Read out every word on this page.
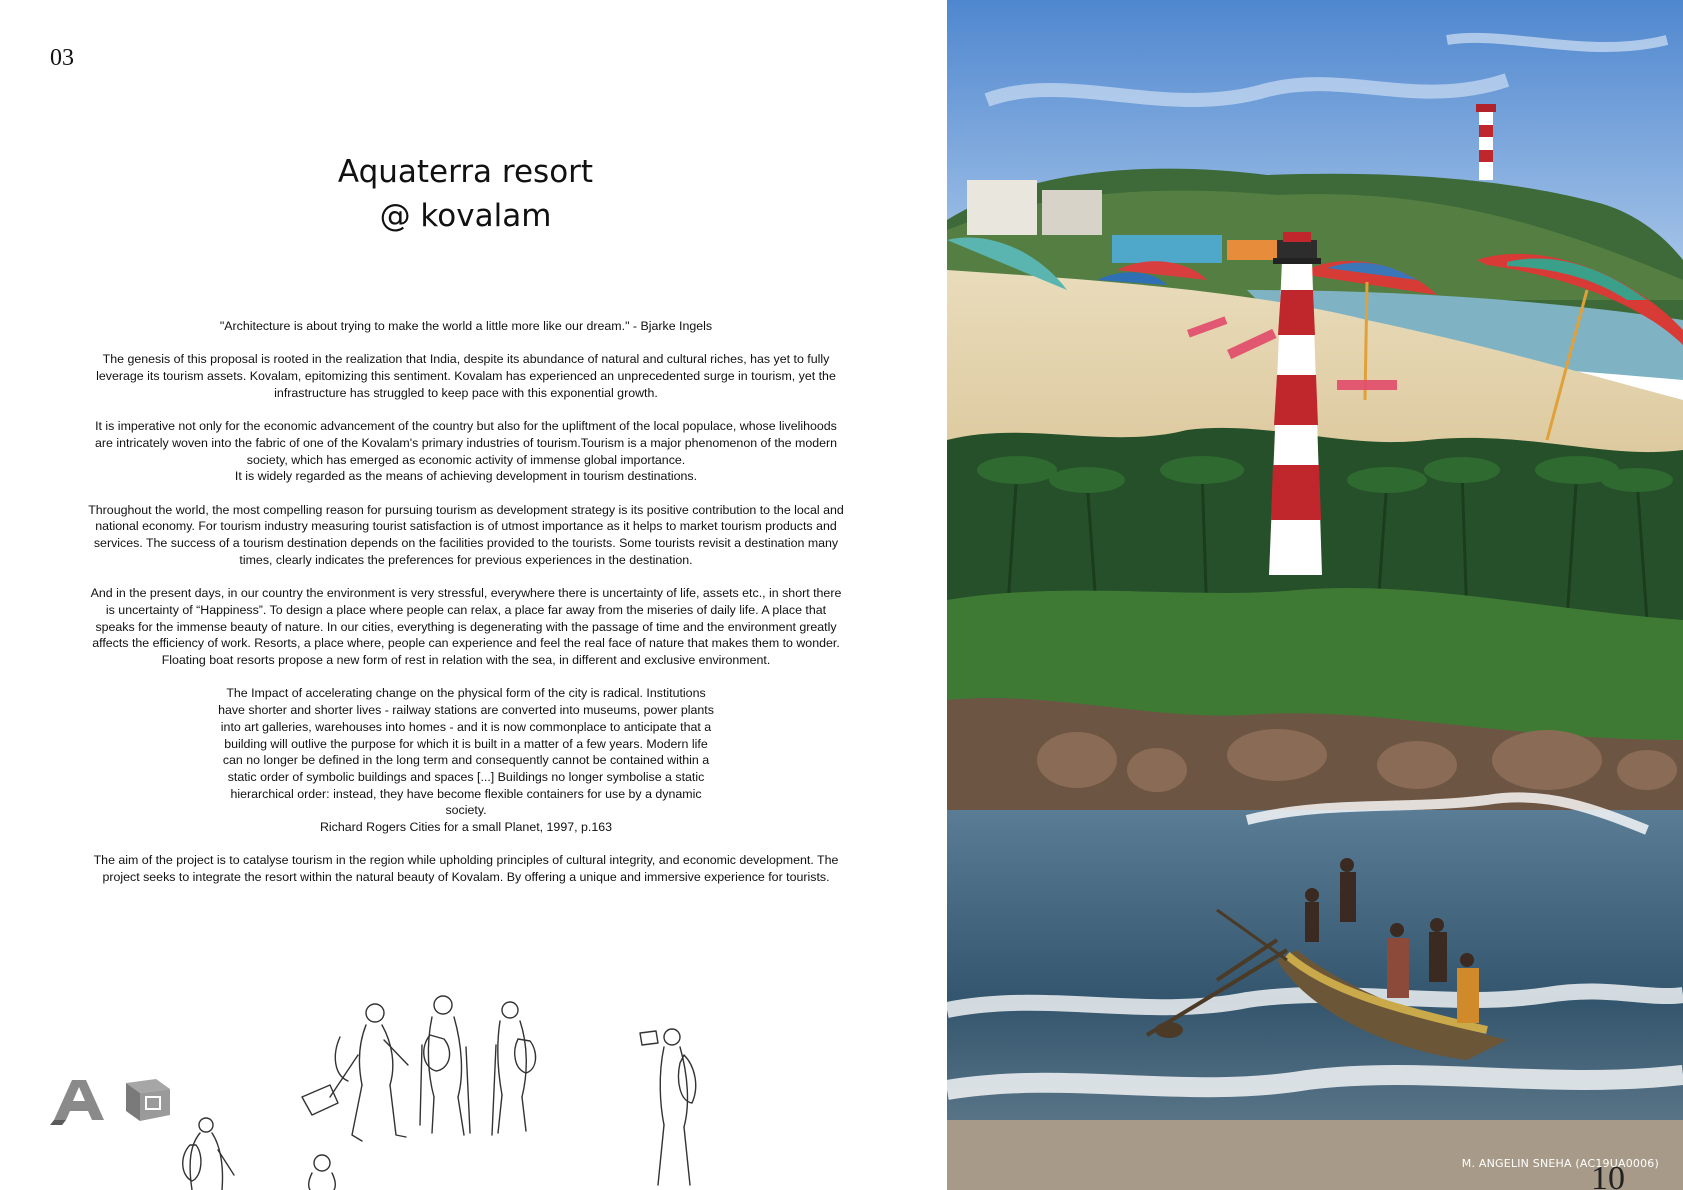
03
Aquaterra resort
@ kovalam

"Architecture is about trying to make the world a little more like our dream." - Bjarke Ingels

The genesis of this proposal is rooted in the realization that India, despite its abundance of natural and cultural riches, has yet to fully leverage its tourism assets. Kovalam, epitomizing this sentiment. Kovalam has experienced an unprecedented surge in tourism, yet the infrastructure has struggled to keep pace with this exponential growth.

It is imperative not only for the economic advancement of the country but also for the upliftment of the local populace, whose livelihoods are intricately woven into the fabric of one of the Kovalam's primary industries of tourism.Tourism is a major phenomenon of the modern society, which has emerged as economic activity of immense global importance.
It is widely regarded as the means of achieving development in tourism destinations.

Throughout the world, the most compelling reason for pursuing tourism as development strategy is its positive contribution to the local and national economy. For tourism industry measuring tourist satisfaction is of utmost importance as it helps to market tourism products and services. The success of a tourism destination depends on the facilities provided to the tourists. Some tourists revisit a destination many times, clearly indicates the preferences for previous experiences in the destination.

And in the present days, in our country the environment is very stressful, everywhere there is uncertainty of life, assets etc., in short there is uncertainty of “Happiness”. To design a place where people can relax, a place far away from the miseries of daily life. A place that speaks for the immense beauty of nature. In our cities, everything is degenerating with the passage of time and the environment greatly affects the efficiency of work. Resorts, a place where, people can experience and feel the real face of nature that makes them to wonder. Floating boat resorts propose a new form of rest in relation with the sea, in different and exclusive environment.

The Impact of accelerating change on the physical form of the city is radical. Institutions have shorter and shorter lives - railway stations are converted into museums, power plants into art galleries, warehouses into homes - and it is now commonplace to anticipate that a building will outlive the purpose for which it is built in a matter of a few years. Modern life can no longer be defined in the long term and consequently cannot be contained within a static order of symbolic buildings and spaces [...] Buildings no longer symbolise a static hierarchical order: instead, they have become flexible containers for use by a dynamic society.
Richard Rogers Cities for a small Planet, 1997, p.163

The aim of the project is to catalyse tourism in the region while upholding principles of cultural integrity, and economic development. The project seeks to integrate the resort within the natural beauty of Kovalam. By offering a unique and immersive experience for tourists.

M. ANGELIN SNEHA (AC19UA0006)
10
